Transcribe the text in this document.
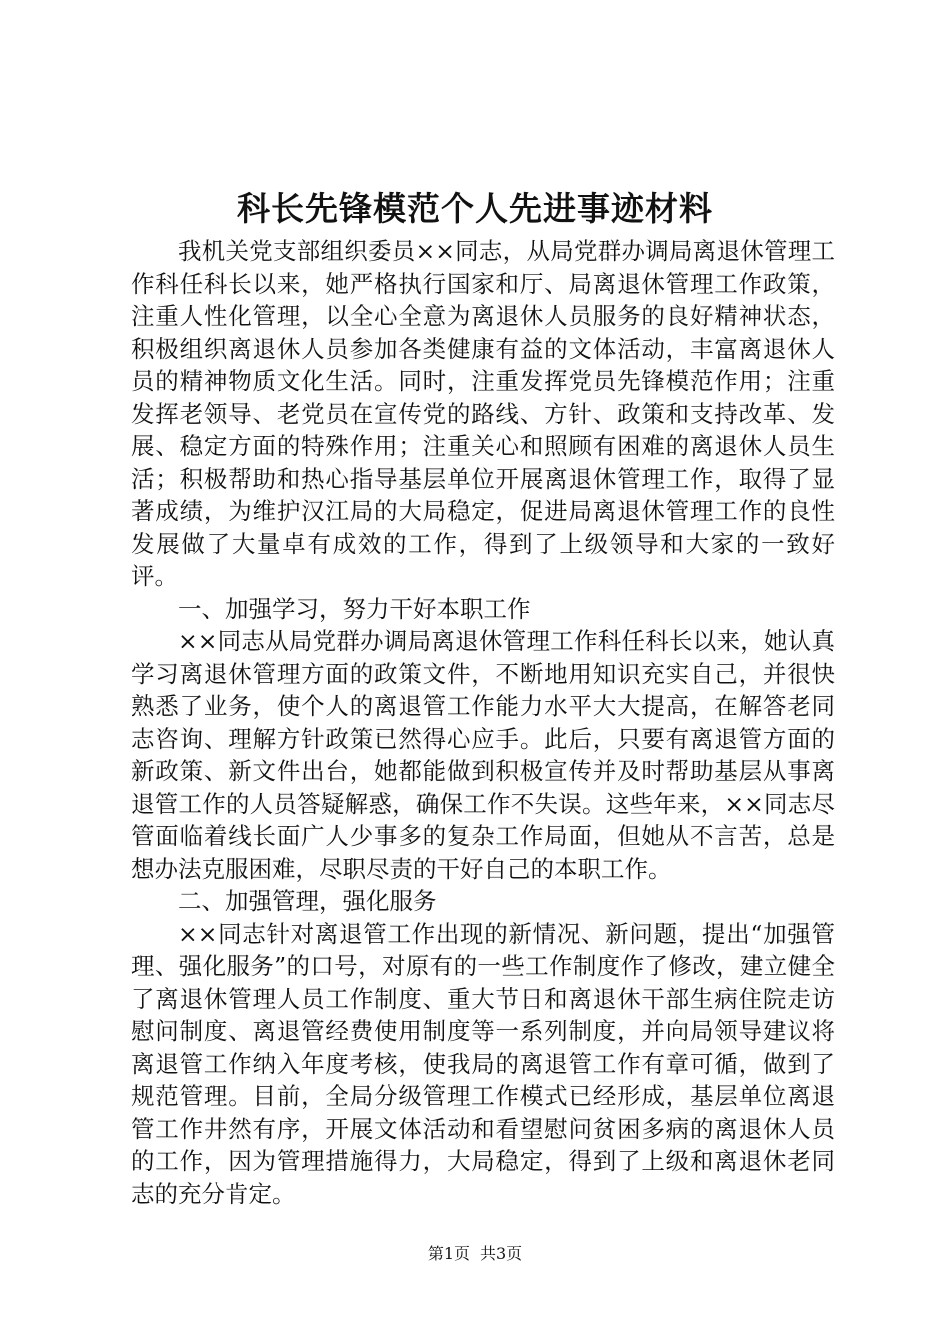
科长先锋模范个人先进事迹材料

我机关党支部组织委员××同志，从局党群办调局离退休管理工作科任科长以来，她严格执行国家和厅、局离退休管理工作政策，注重人性化管理，以全心全意为离退休人员服务的良好精神状态，积极组织离退休人员参加各类健康有益的文体活动，丰富离退休人员的精神物质文化生活。同时，注重发挥党员先锋模范作用；注重发挥老领导、老党员在宣传党的路线、方针、政策和支持改革、发展、稳定方面的特殊作用；注重关心和照顾有困难的离退休人员生活；积极帮助和热心指导基层单位开展离退休管理工作，取得了显著成绩，为维护汉江局的大局稳定，促进局离退休管理工作的良性发展做了大量卓有成效的工作，得到了上级领导和大家的一致好评。

一、加强学习，努力干好本职工作

××同志从局党群办调局离退休管理工作科任科长以来，她认真学习离退休管理方面的政策文件，不断地用知识充实自己，并很快熟悉了业务，使个人的离退管工作能力水平大大提高，在解答老同志咨询、理解方针政策已然得心应手。此后，只要有离退管方面的新政策、新文件出台，她都能做到积极宣传并及时帮助基层从事离退管工作的人员答疑解惑，确保工作不失误。这些年来，××同志尽管面临着线长面广人少事多的复杂工作局面，但她从不言苦，总是想办法克服困难，尽职尽责的干好自己的本职工作。

二、加强管理，强化服务

××同志针对离退管工作出现的新情况、新问题，提出“加强管理、强化服务”的口号，对原有的一些工作制度作了修改，建立健全了离退休管理人员工作制度、重大节日和离退休干部生病住院走访慰问制度、离退管经费使用制度等一系列制度，并向局领导建议将离退管工作纳入年度考核，使我局的离退管工作有章可循，做到了规范管理。目前，全局分级管理工作模式已经形成，基层单位离退管工作井然有序，开展文体活动和看望慰问贫困多病的离退休人员的工作，因为管理措施得力，大局稳定，得到了上级和离退休老同志的充分肯定。

第1页 共3页
